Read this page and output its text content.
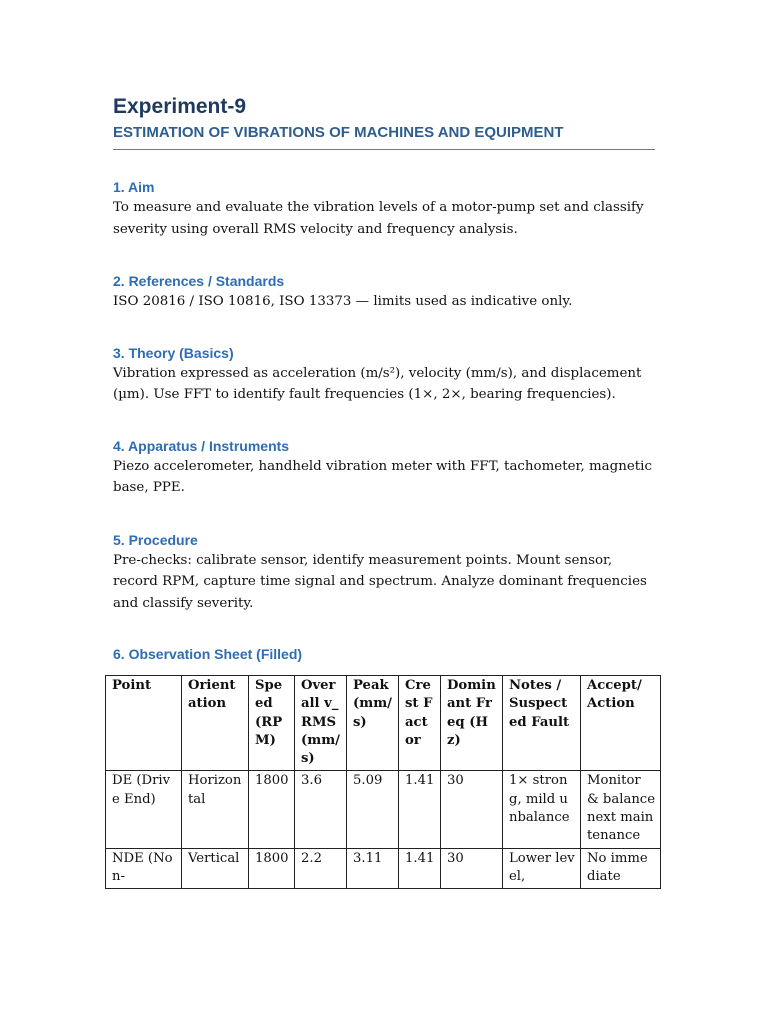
Experiment-9
ESTIMATION OF VIBRATIONS OF MACHINES AND EQUIPMENT
1. Aim

To measure and evaluate the vibration levels of a motor-pump set and classify severity using overall RMS velocity and frequency analysis.

2. References / Standards

ISO 20816 / ISO 10816, ISO 13373 — limits used as indicative only.

3. Theory (Basics)

Vibration expressed as acceleration (m/s²), velocity (mm/s), and displacement (µm). Use FFT to identify fault frequencies (1×, 2×, bearing frequencies).

4. Apparatus / Instruments

Piezo accelerometer, handheld vibration meter with FFT, tachometer, magnetic base, PPE.

5. Procedure

Pre-checks: calibrate sensor, identify measurement points. Mount sensor, record RPM, capture time signal and spectrum. Analyze dominant frequencies and classify severity.

6. Observation Sheet (Filled)
Point	Orientation	Speed (RPM)	Overall v_RMS (mm/s)	Peak (mm/s)	Crest Factor	Dominant Freq (Hz)	Notes / Suspected Fault	Accept/ Action
DE (Drive End)	Horizontal	1800	3.6	5.09	1.41	30	1× strong, mild unbalance	Monitor & balance next maintenance
NDE (Non-	Vertical	1800	2.2	3.11	1.41	30	Lower level,	No immediate
